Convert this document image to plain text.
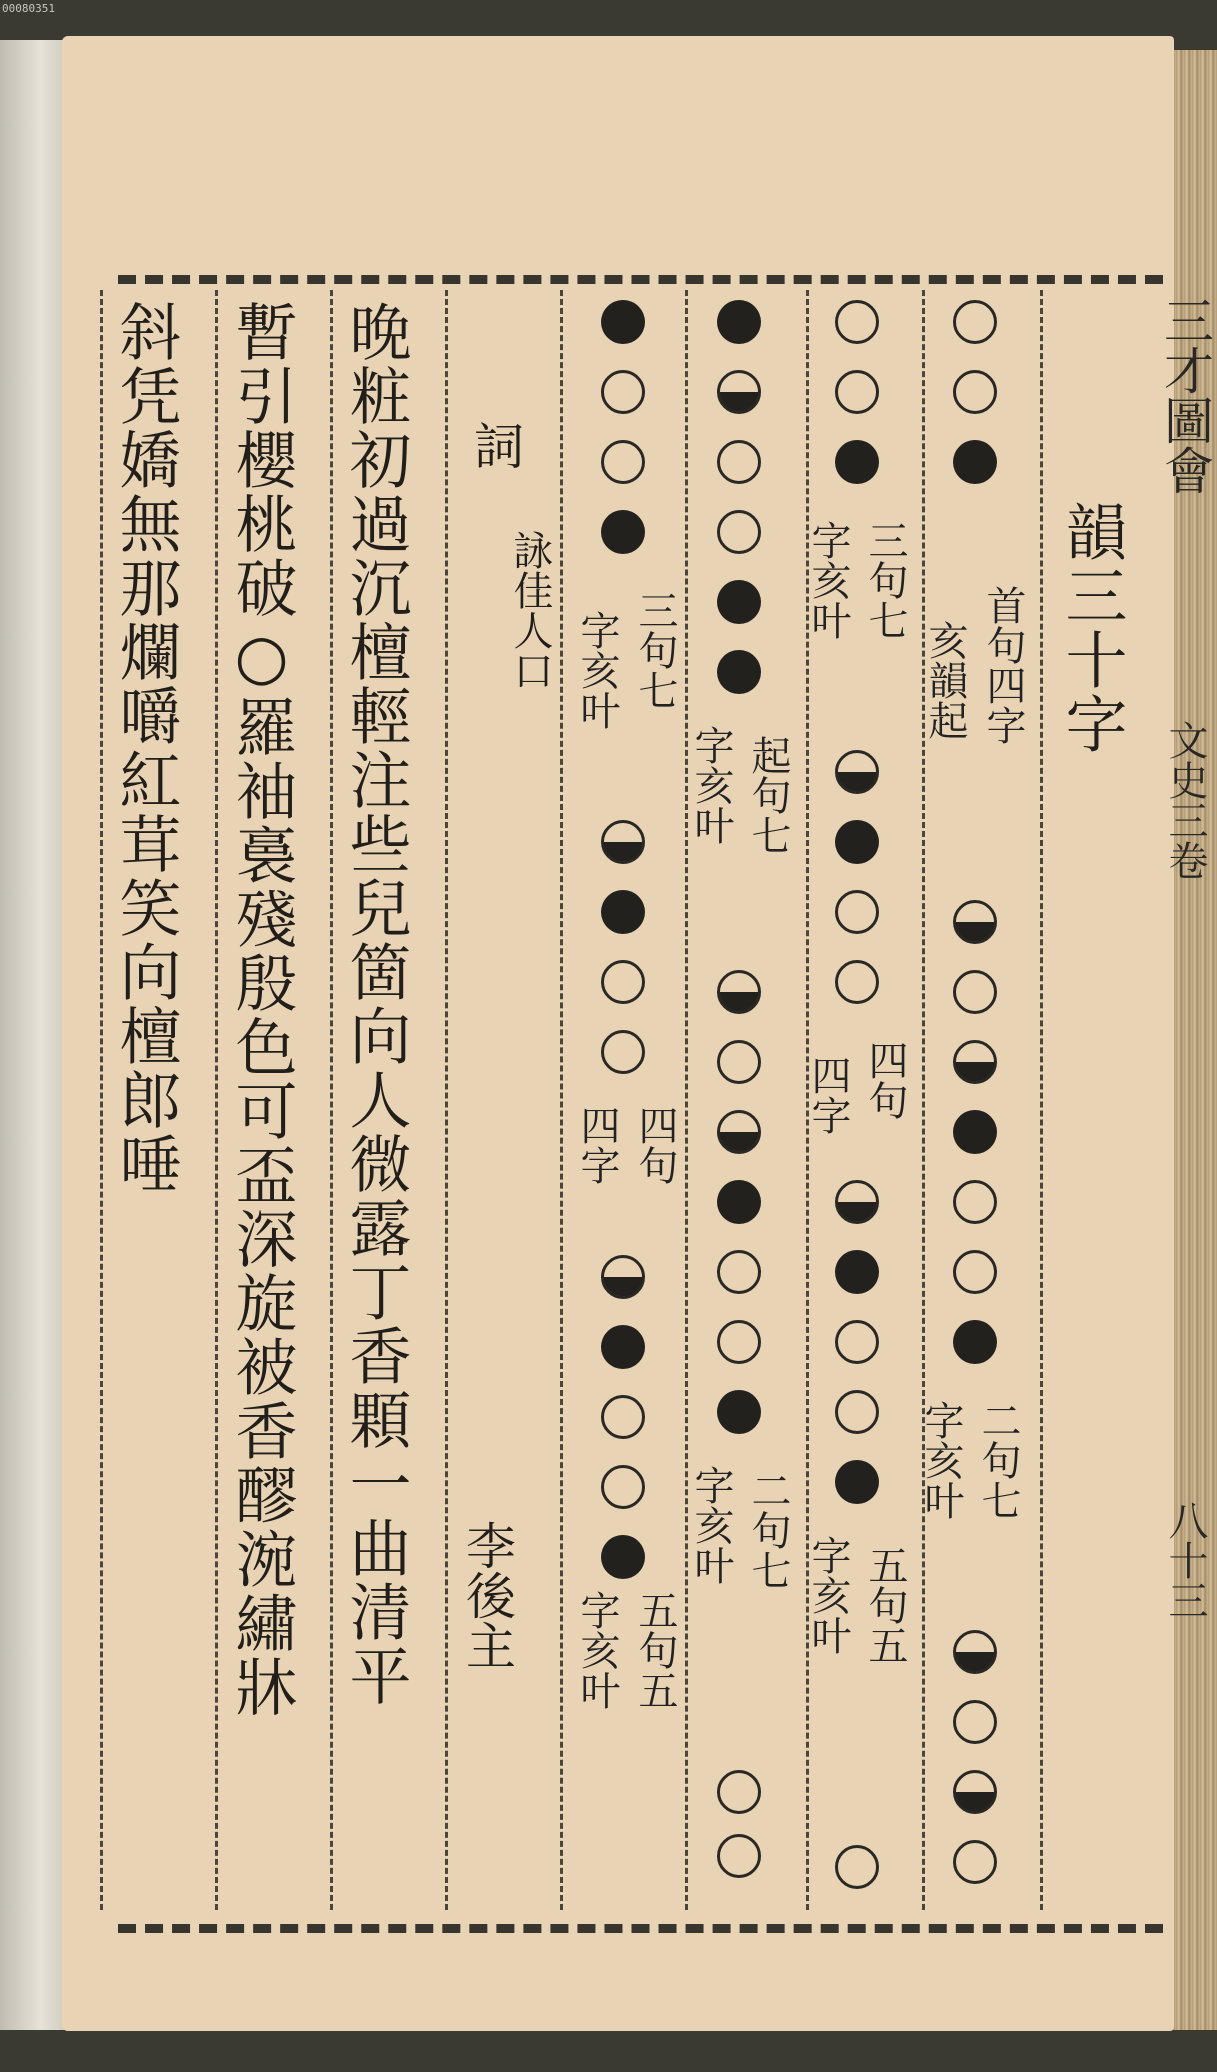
00080351
三才圖會
文史三卷
八十三
韻三十字
首句四字
亥韻起
二句七
字亥叶
三句七
字亥叶
四句
四字
五句五
字亥叶
起句七
字亥叶
二句七
字亥叶
三句七
字亥叶
四句
四字
五句五
字亥叶
詞
詠佳人口
李後主
晚粧初過沉檀輕注些兒箇向人微露丁香顆一曲清平
暫引櫻桃破○羅袖裛殘殷色可盃深旋被香醪涴繡牀
斜凭嬌無那爛嚼紅茸笑向檀郎唾
